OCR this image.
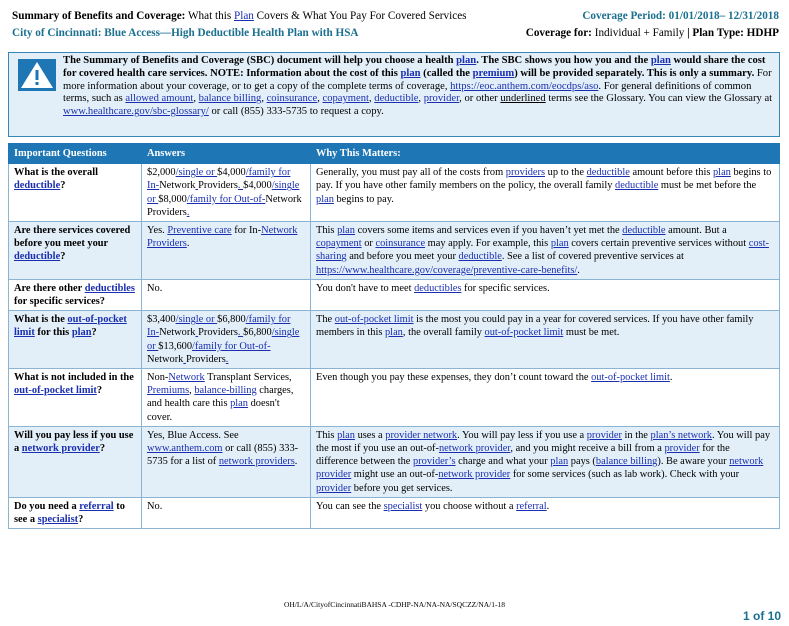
Summary of Benefits and Coverage: What this Plan Covers & What You Pay For Covered Services	Coverage Period: 01/01/2018– 12/31/2018
City of Cincinnati: Blue Access—High Deductible Health Plan with HSA	Coverage for: Individual + Family | Plan Type: HDHP

The Summary of Benefits and Coverage (SBC) document will help you choose a health plan. The SBC shows you how you and the plan would share the cost for covered health care services. NOTE: Information about the cost of this plan (called the premium) will be provided separately. This is only a summary. For more information about your coverage, or to get a copy of the complete terms of coverage, https://eoc.anthem.com/eocdps/aso. For general definitions of common terms, such as allowed amount, balance billing, coinsurance, copayment, deductible, provider, or other underlined terms see the Glossary. You can view the Glossary at www.healthcare.gov/sbc-glossary/ or call (855) 333-5735 to request a copy.

Important Questions	Answers	Why This Matters:
What is the overall deductible?	$2,000/single or $4,000/family for In-Network Providers. $4,000/single or $8,000/family for Out-of-Network Providers.	Generally, you must pay all of the costs from providers up to the deductible amount before this plan begins to pay. If you have other family members on the policy, the overall family deductible must be met before the plan begins to pay.
Are there services covered before you meet your deductible?	Yes. Preventive care for In-Network Providers.	This plan covers some items and services even if you haven’t yet met the deductible amount. But a copayment or coinsurance may apply. For example, this plan covers certain preventive services without cost-sharing and before you meet your deductible. See a list of covered preventive services at https://www.healthcare.gov/coverage/preventive-care-benefits/.
Are there other deductibles for specific services?	No.	You don't have to meet deductibles for specific services.
What is the out-of-pocket limit for this plan?	$3,400/single or $6,800/family for In-Network Providers. $6,800/single or $13,600/family for Out-of-Network Providers.	The out-of-pocket limit is the most you could pay in a year for covered services. If you have other family members in this plan, the overall family out-of-pocket limit must be met.
What is not included in the out-of-pocket limit?	Non-Network Transplant Services, Premiums, balance-billing charges, and health care this plan doesn't cover.	Even though you pay these expenses, they don’t count toward the out-of-pocket limit.
Will you pay less if you use a network provider?	Yes, Blue Access. See www.anthem.com or call (855) 333-5735 for a list of network providers.	This plan uses a provider network. You will pay less if you use a provider in the plan’s network. You will pay the most if you use an out-of-network provider, and you might receive a bill from a provider for the difference between the provider’s charge and what your plan pays (balance billing). Be aware your network provider might use an out-of-network provider for some services (such as lab work). Check with your provider before you get services.
Do you need a referral to see a specialist?	No.	You can see the specialist you choose without a referral.
OH/L/A/CityofCincinnatiBAHSA -CDHP-NA/NA-NA/SQCZZ/NA/1-18
1 of 10
